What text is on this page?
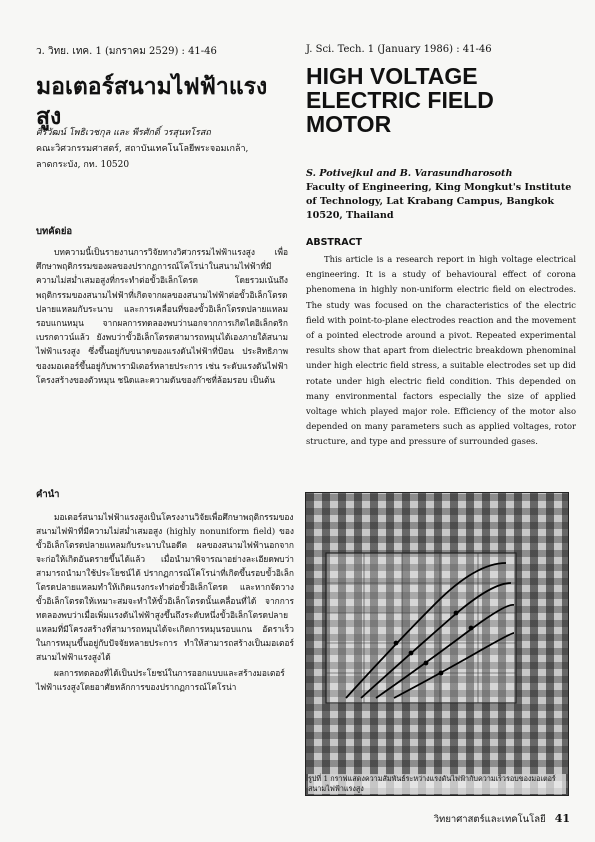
ว. วิทย. เทค. 1 (มกราคม 2529) : 41-46	J. Sci. Tech. 1 (January 1986) : 41-46
มอเตอร์สนามไฟฟ้าแรงสูง
HIGH VOLTAGE ELECTRIC FIELD MOTOR
ศิริวัฒน์ โพธิเวชกุล และ พีรศักดิ์ วรสุนทโรสถ
คณะวิศวกรรมศาสตร์, สถาบันเทคโนโลยีพระจอมเกล้า, ลาดกระบัง, กท. 10520
S. Potivejkul and B. Varasundharosoth
Faculty of Engineering, King Mongkut's Institute of Technology, Lat Krabang Campus, Bangkok 10520, Thailand
บทคัดย่อ
บทความนี้เป็นรายงานการวิจัยทางวิศวกรรมไฟฟ้าแรงสูง เพื่อศึกษาพฤติกรรมของผลของปรากฏการณ์โคโรน่าในสนามไฟฟ้าที่มีความไม่สม่ำเสมอสูงที่กระทำต่อขั้วอิเล็กโตรด โดยรวมเน้นถึงพฤติกรรมของสนามไฟฟ้าที่เกิดจากผลของสนามไฟฟ้าต่อขั้วอิเล็กโตรดปลายแหลมกับระนาบ และการเคลื่อนที่ของขั้วอิเล็กโตรดปลายแหลมรอบแกนหมุน จากผลการทดลองพบว่านอกจากการเกิดไดอิเล็กตริกเบรกดาวน์แล้ว ยังพบว่าขั้วอิเล็กโตรดสามารถหมุนได้เองภายใต้สนามไฟฟ้าแรงสูง ซึ่งขึ้นอยู่กับขนาดของแรงดันไฟฟ้าที่ป้อน ประสิทธิภาพของมอเตอร์ขึ้นอยู่กับพารามิเตอร์หลายประการ เช่น ระดับแรงดันไฟฟ้า โครงสร้างของตัวหมุน ชนิดและความดันของก๊าซที่ล้อมรอบ เป็นต้น
ABSTRACT
This article is a research report in high voltage electrical engineering. It is a study of behavioural effect of corona phenomena in highly non-uniform electric field on electrodes. The study was focused on the characteristics of the electric field with point-to-plane electrodes reaction and the movement of a pointed electrode around a pivot. Repeated experimental results show that apart from dielectric breakdown phenominal under high electric field stress, a suitable electrodes set up did rotate under high electric field condition. This depended on many environmental factors especially the size of applied voltage which played major role. Efficiency of the motor also depended on many parameters such as applied voltages, rotor structure, and type and pressure of surrounded gases.
คำนำ
มอเตอร์สนามไฟฟ้าแรงสูงเป็นโครงงานวิจัยเพื่อศึกษาพฤติกรรมของสนามไฟฟ้าที่มีความไม่สม่ำเสมอสูง (highly nonuniform field) ของขั้วอิเล็กโตรดปลายแหลมกับระนาบในอดีต ผลของสนามไฟฟ้านอกจากจะก่อให้เกิดอันตรายขึ้นได้แล้ว เมื่อนำมาพิจารณาอย่างละเอียดพบว่าสามารถนำมาใช้ประโยชน์ได้ ปรากฏการณ์โคโรน่าที่เกิดขึ้นรอบขั้วอิเล็กโตรดปลายแหลมทำให้เกิดแรงกระทำต่อขั้วอิเล็กโตรด และหากจัดวางขั้วอิเล็กโตรดให้เหมาะสมจะทำให้ขั้วอิเล็กโตรดนั้นเคลื่อนที่ได้ จากการทดลองพบว่าเมื่อเพิ่มแรงดันไฟฟ้าสูงขึ้นถึงระดับหนึ่งขั้วอิเล็กโตรดปลายแหลมที่มีโครงสร้างที่สามารถหมุนได้จะเกิดการหมุนรอบแกน อัตราเร็วในการหมุนขึ้นอยู่กับปัจจัยหลายประการ ทำให้สามารถสร้างเป็นมอเตอร์สนามไฟฟ้าแรงสูงได้
ผลการทดลองที่ได้เป็นประโยชน์ในการออกแบบและสร้างมอเตอร์ไฟฟ้าแรงสูงโดยอาศัยหลักการของปรากฏการณ์โคโรน่า
รูปที่ 1 กราฟแสดงความสัมพันธ์ระหว่างแรงดันไฟฟ้ากับความเร็วรอบของมอเตอร์สนามไฟฟ้าแรงสูง
วิทยาศาสตร์และเทคโนโลยี 41
